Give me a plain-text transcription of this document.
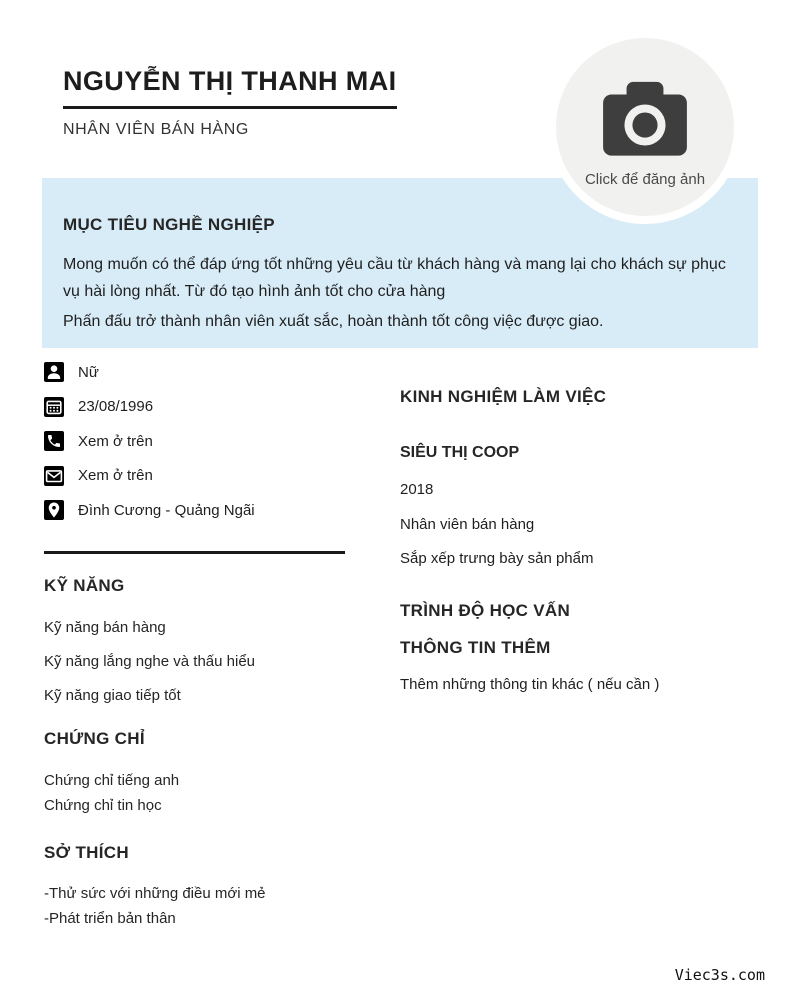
NGUYỄN THỊ THANH MAI
NHÂN VIÊN BÁN HÀNG
Click để đăng ảnh
MỤC TIÊU NGHỀ NGHIỆP

Mong muốn có thể đáp ứng tốt những yêu cầu từ khách hàng và mang lại cho khách sự phục vụ hài lòng nhất. Từ đó tạo hình ảnh tốt cho cửa hàng

Phấn đấu trở thành nhân viên xuất sắc, hoàn thành tốt công việc được giao.

Nữ
23/08/1996
Xem ở trên
Xem ở trên
Đình Cương - Quảng Ngãi
KỸ NĂNG
Kỹ năng bán hàng
Kỹ năng lắng nghe và thấu hiểu
Kỹ năng giao tiếp tốt
CHỨNG CHỈ
Chứng chỉ tiếng anh
Chứng chỉ tin học
SỞ THÍCH
-Thử sức với những điều mới mẻ
-Phát triển bản thân
KINH NGHIỆM LÀM VIỆC
SIÊU THỊ COOP
2018
Nhân viên bán hàng
Sắp xếp trưng bày sản phẩm
TRÌNH ĐỘ HỌC VẤN
THÔNG TIN THÊM
Thêm những thông tin khác ( nếu cần )
Viec3s.com
